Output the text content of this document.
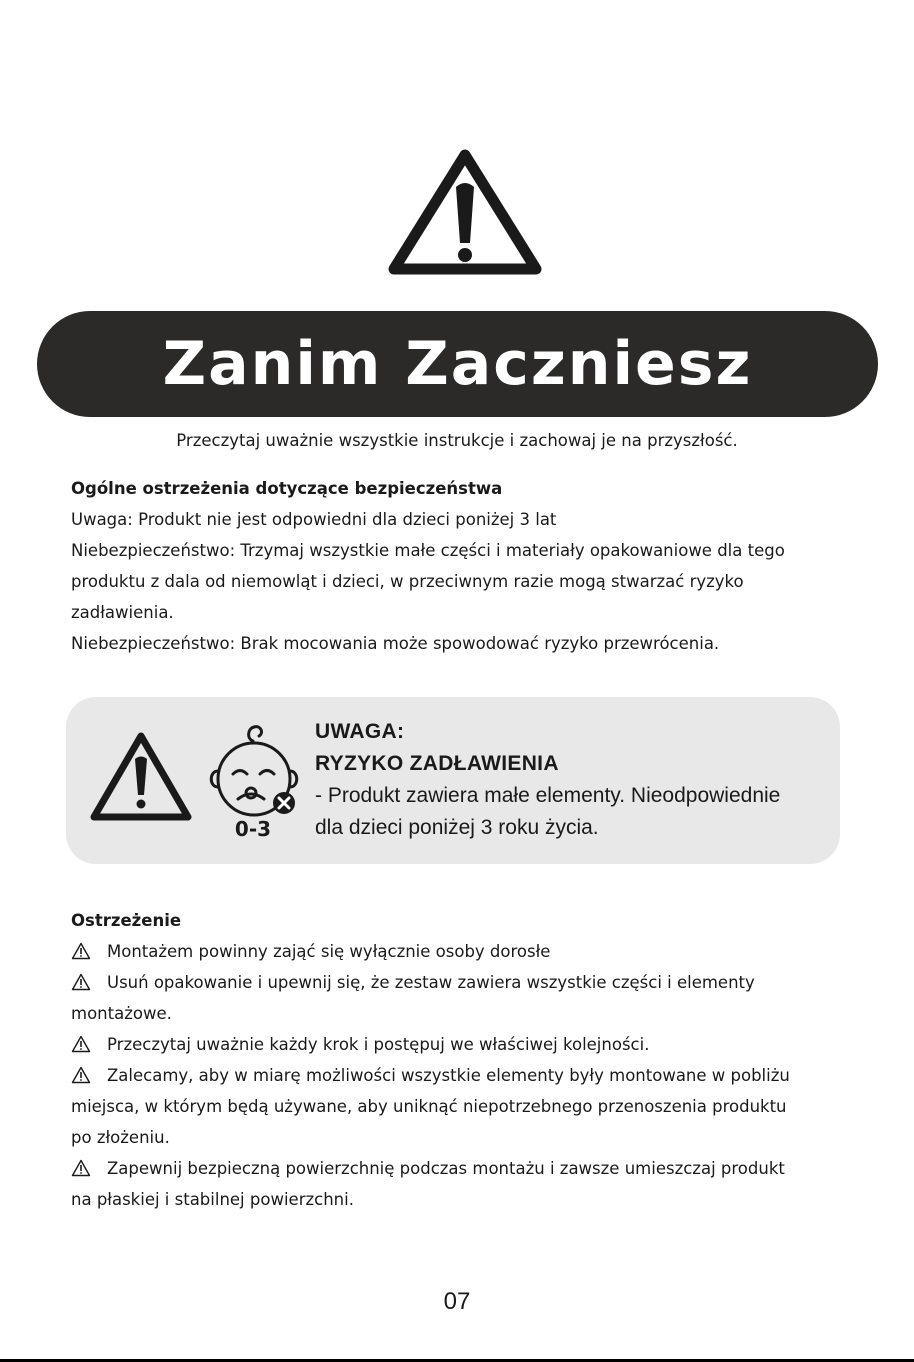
Zanim Zaczniesz
Przeczytaj uważnie wszystkie instrukcje i zachowaj je na przyszłość.
Ogólne ostrzeżenia dotyczące bezpieczeństwa
Uwaga: Produkt nie jest odpowiedni dla dzieci poniżej 3 lat
Niebezpieczeństwo: Trzymaj wszystkie małe części i materiały opakowaniowe dla tego
produktu z dala od niemowląt i dzieci, w przeciwnym razie mogą stwarzać ryzyko
zadławienia.
Niebezpieczeństwo: Brak mocowania może spowodować ryzyko przewrócenia.
0-3
UWAGA:
RYZYKO ZADŁAWIENIA
- Produkt zawiera małe elementy. Nieodpowiednie
dla dzieci poniżej 3 roku życia.
Ostrzeżenie
Montażem powinny zająć się wyłącznie osoby dorosłe
Usuń opakowanie i upewnij się, że zestaw zawiera wszystkie części i elementy
montażowe.
Przeczytaj uważnie każdy krok i postępuj we właściwej kolejności.
Zalecamy, aby w miarę możliwości wszystkie elementy były montowane w pobliżu
miejsca, w którym będą używane, aby uniknąć niepotrzebnego przenoszenia produktu
po złożeniu.
Zapewnij bezpieczną powierzchnię podczas montażu i zawsze umieszczaj produkt
na płaskiej i stabilnej powierzchni.
07
